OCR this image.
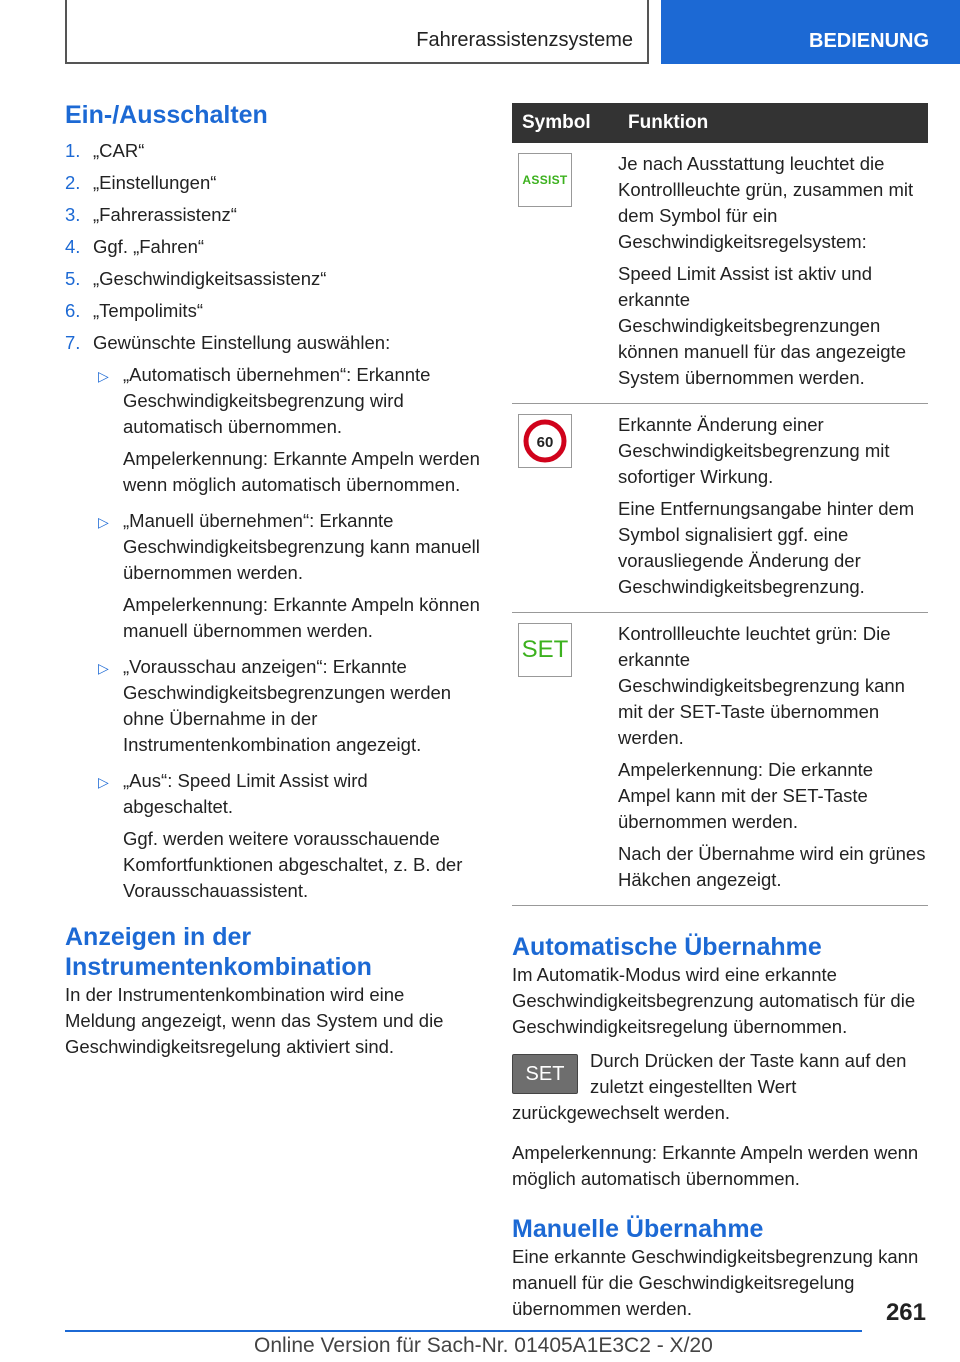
Fahrerassistenzsysteme	BEDIENUNG
Ein-/Ausschalten
1. „CAR“
2. „Einstellungen“
3. „Fahrerassistenz“
4. Ggf. „Fahren“
5. „Geschwindigkeitsassistenz“
6. „Tempolimits“
7. Gewünschte Einstellung auswählen:
▷ „Automatisch übernehmen“: Erkannte Geschwindigkeitsbegrenzung wird automatisch übernommen.

Ampelerkennung: Erkannte Ampeln werden wenn möglich automatisch übernommen.

▷ „Manuell übernehmen“: Erkannte Geschwindigkeitsbegrenzung kann manuell übernommen werden.

Ampelerkennung: Erkannte Ampeln können manuell übernommen werden.

▷ „Vorausschau anzeigen“: Erkannte Geschwindigkeitsbegrenzungen werden ohne Übernahme in der Instrumentenkombination angezeigt.

▷ „Aus“: Speed Limit Assist wird abgeschaltet.

Ggf. werden weitere vorausschauende Komfortfunktionen abgeschaltet, z. B. der Vorausschauassistent.

Anzeigen in der Instrumentenkombination

In der Instrumentenkombination wird eine Meldung angezeigt, wenn das System und die Geschwindigkeitsregelung aktiviert sind.

Symbol	Funktion

ASSIST	Je nach Ausstattung leuchtet die Kontrollleuchte grün, zusammen mit dem Symbol für ein Geschwindigkeitsregelsystem:

Speed Limit Assist ist aktiv und erkannte Geschwindigkeitsbegrenzungen können manuell für das angezeigte System übernommen werden.

60	Erkannte Änderung einer Geschwindigkeitsbegrenzung mit sofortiger Wirkung.

Eine Entfernungsangabe hinter dem Symbol signalisiert ggf. eine vorausliegende Änderung der Geschwindigkeitsbegrenzung.

SET	Kontrollleuchte leuchtet grün: Die erkannte Geschwindigkeitsbegrenzung kann mit der SET-Taste übernommen werden.

Ampelerkennung: Die erkannte Ampel kann mit der SET-Taste übernommen werden.

Nach der Übernahme wird ein grünes Häkchen angezeigt.

Automatische Übernahme

Im Automatik-Modus wird eine erkannte Geschwindigkeitsbegrenzung automatisch für die Geschwindigkeitsregelung übernommen.

SET

Durch Drücken der Taste kann auf den zuletzt eingestellten Wert zurückgewechselt werden.

Ampelerkennung: Erkannte Ampeln werden wenn möglich automatisch übernommen.

Manuelle Übernahme

Eine erkannte Geschwindigkeitsbegrenzung kann manuell für die Geschwindigkeitsregelung übernommen werden.	261
Online Version für Sach-Nr. 01405A1E3C2 - X/20
